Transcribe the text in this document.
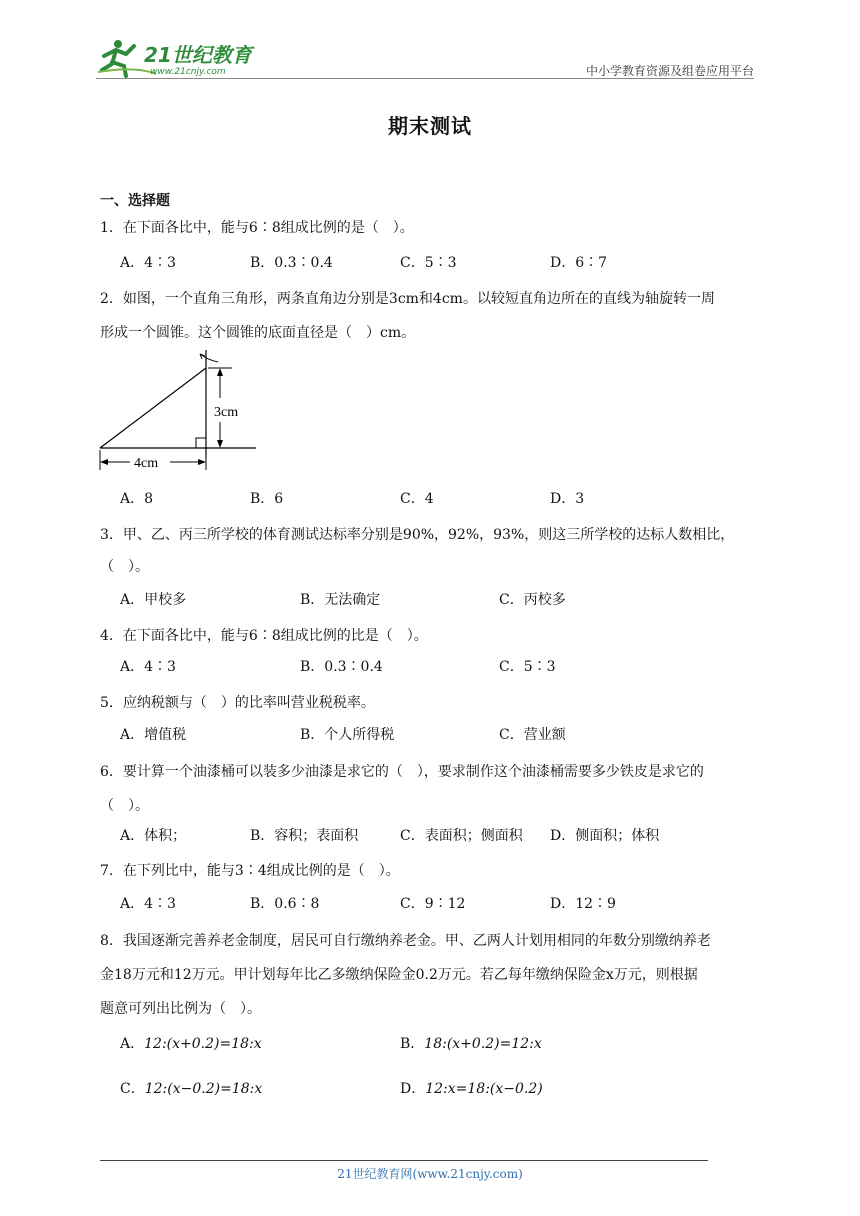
21世纪教育
www.21cnjy.com	中小学教育资源及组卷应用平台
期末测试
一、选择题
1．在下面各比中，能与6∶8组成比例的是（　）。
A．4∶3	B．0.3∶0.4	C．5∶3	D．6∶7
2．如图，一个直角三角形，两条直角边分别是3cm和4cm。以较短直角边所在的直线为轴旋转一周
形成一个圆锥。这个圆锥的底面直径是（　）cm。
3cm
4cm
A．8	B．6	C．4	D．3
3．甲、乙、丙三所学校的体育测试达标率分别是90%，92%，93%，则这三所学校的达标人数相比，
（　）。
A．甲校多	B．无法确定	C．丙校多
4．在下面各比中，能与6∶8组成比例的比是（　）。
A．4∶3	B．0.3∶0.4	C．5∶3
5．应纳税额与（　）的比率叫营业税税率。
A．增值税	B．个人所得税	C．营业额
6．要计算一个油漆桶可以装多少油漆是求它的（　），要求制作这个油漆桶需要多少铁皮是求它的
（　）。
A．体积；	B．容积；表面积	C．表面积；侧面积 D．侧面积；体积
7．在下列比中，能与3∶4组成比例的是（　）。
A．4∶3	B．0.6∶8	C．9∶12	D．12∶9
8．我国逐渐完善养老金制度，居民可自行缴纳养老金。甲、乙两人计划用相同的年数分别缴纳养老
金18万元和12万元。甲计划每年比乙多缴纳保险金0.2万元。若乙每年缴纳保险金x万元，则根据
题意可列出比例为（　）。
A．12:(x+0.2)=18:x	B．18:(x+0.2)=12:x
C．12:(x−0.2)=18:x	D．12:x=18:(x−0.2)
21世纪教育网(www.21cnjy.com)
